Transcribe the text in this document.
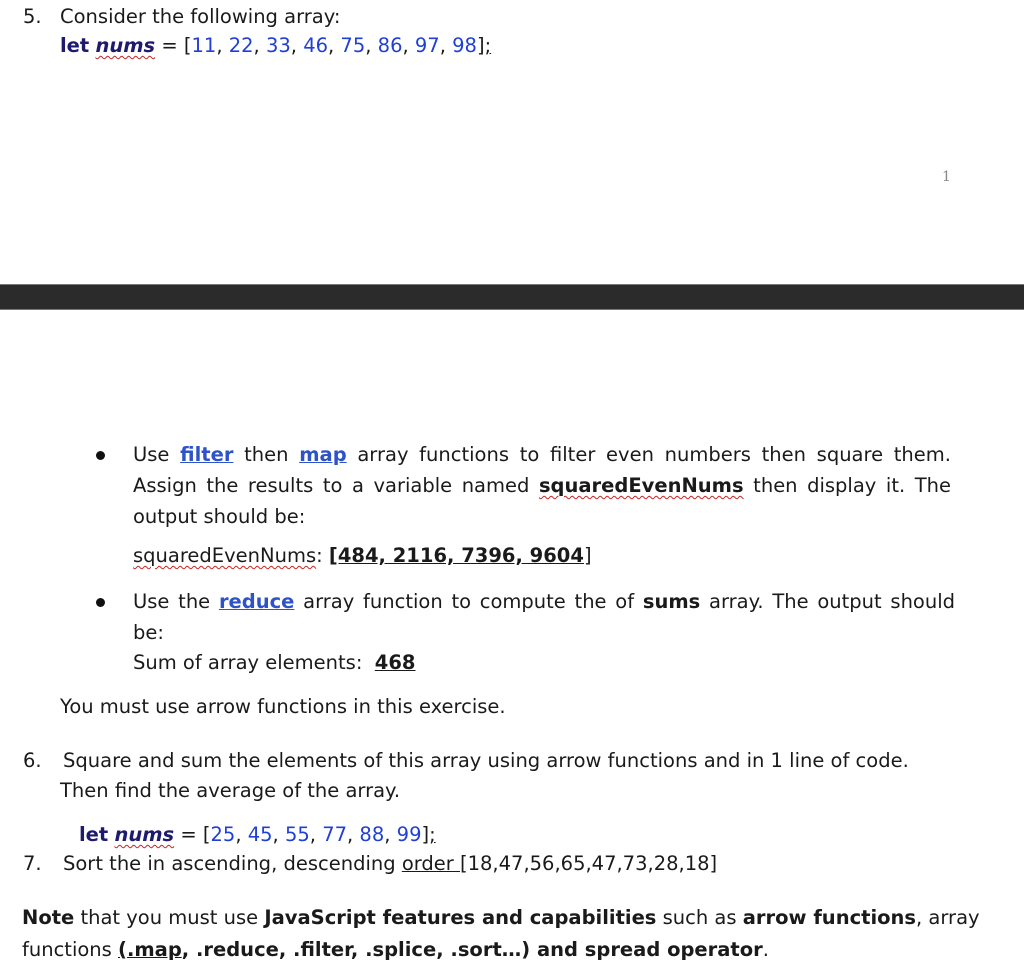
5. Consider the following array:
let nums = [11, 22, 33, 46, 75, 86, 97, 98];
1
Use filter then map array functions to filter even numbers then square them. Assign the results to a variable named squaredEvenNums then display it. The output should be:
squaredEvenNums: [484, 2116, 7396, 9604]
Use the reduce array function to compute the of sums array. The output should be:
Sum of array elements:  468
You must use arrow functions in this exercise.
6. Square and sum the elements of this array using arrow functions and in 1 line of code.
Then find the average of the array.
let nums = [25, 45, 55, 77, 88, 99];
7. Sort the in ascending, descending order [18,47,56,65,47,73,28,18]
Note that you must use JavaScript features and capabilities such as arrow functions, array
functions (.map, .reduce, .filter, .splice, .sort…) and spread operator.
